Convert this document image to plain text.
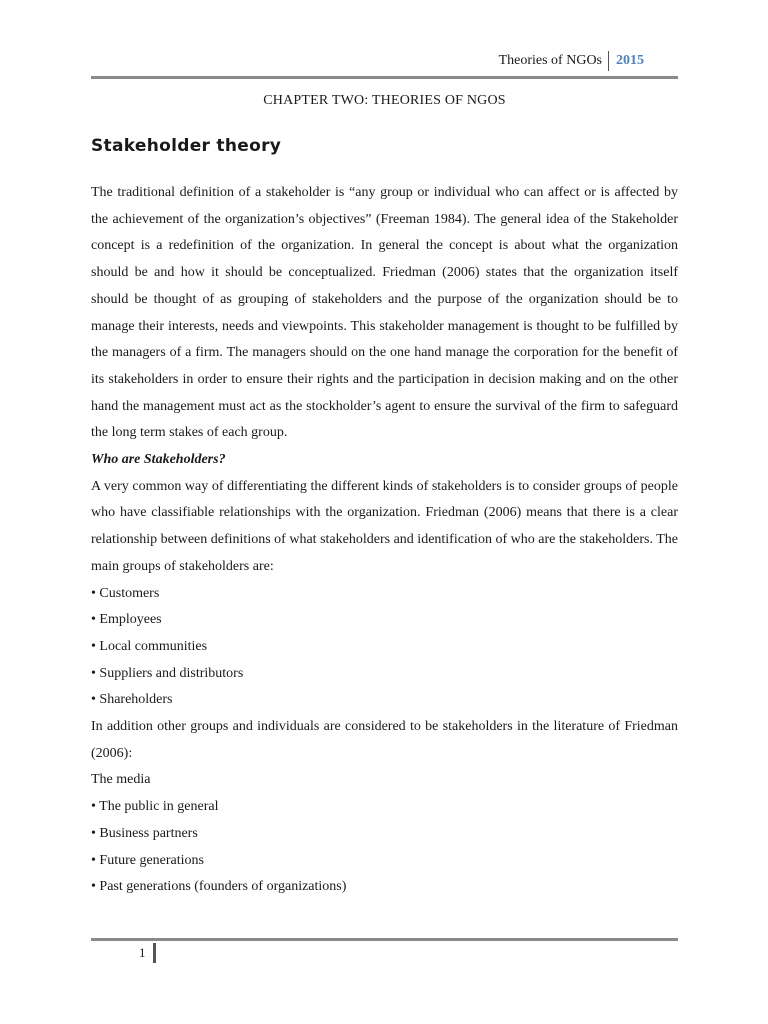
Theories of NGOs	2015
CHAPTER TWO: THEORIES OF NGOS
Stakeholder theory

The traditional definition of a stakeholder is “any group or individual who can affect or is affected by the achievement of the organization’s objectives” (Freeman 1984). The general idea of the Stakeholder concept is a redefinition of the organization. In general the concept is about what the organization should be and how it should be conceptualized. Friedman (2006) states that the organization itself should be thought of as grouping of stakeholders and the purpose of the organization should be to manage their interests, needs and viewpoints. This stakeholder management is thought to be fulfilled by the managers of a firm. The managers should on the one hand manage the corporation for the benefit of its stakeholders in order to ensure their rights and the participation in decision making and on the other hand the management must act as the stockholder’s agent to ensure the survival of the firm to safeguard the long term stakes of each group.

Who are Stakeholders?

A very common way of differentiating the different kinds of stakeholders is to consider groups of people who have classifiable relationships with the organization. Friedman (2006) means that there is a clear relationship between definitions of what stakeholders and identification of who are the stakeholders. The main groups of stakeholders are:

• Customers
• Employees
• Local communities
• Suppliers and distributors
• Shareholders

In addition other groups and individuals are considered to be stakeholders in the literature of Friedman (2006):

The media
• The public in general
• Business partners
• Future generations
• Past generations (founders of organizations)
1
